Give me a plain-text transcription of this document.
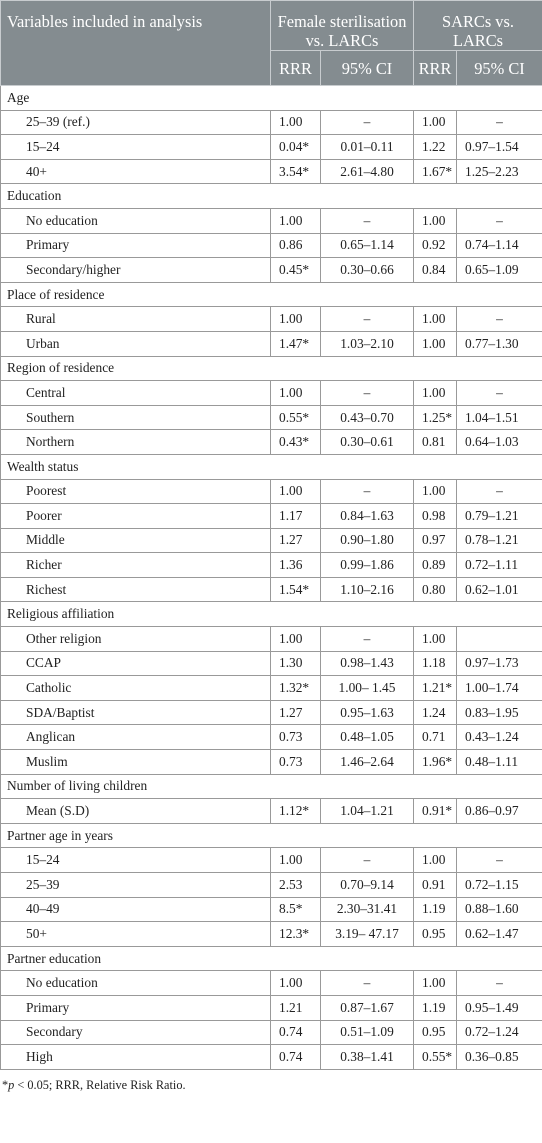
Variables included in analysis	Female sterilisation vs. LARCs		SARCs vs. LARCs	
	RRR	95% CI	RRR	95% CI
Age				
25–39 (ref.)	1.00	–	1.00	–
15–24	0.04*	0.01–0.11	1.22	0.97–1.54
40+	3.54*	2.61–4.80	1.67*	1.25–2.23
Education				
No education	1.00	–	1.00	–
Primary	0.86	0.65–1.14	0.92	0.74–1.14
Secondary/higher	0.45*	0.30–0.66	0.84	0.65–1.09
Place of residence				
Rural	1.00	–	1.00	–
Urban	1.47*	1.03–2.10	1.00	0.77–1.30
Region of residence				
Central	1.00	–	1.00	–
Southern	0.55*	0.43–0.70	1.25*	1.04–1.51
Northern	0.43*	0.30–0.61	0.81	0.64–1.03
Wealth status				
Poorest	1.00	–	1.00	–
Poorer	1.17	0.84–1.63	0.98	0.79–1.21
Middle	1.27	0.90–1.80	0.97	0.78–1.21
Richer	1.36	0.99–1.86	0.89	0.72–1.11
Richest	1.54*	1.10–2.16	0.80	0.62–1.01
Religious affiliation				
Other religion	1.00	–	1.00	
CCAP	1.30	0.98–1.43	1.18	0.97–1.73
Catholic	1.32*	1.00– 1.45	1.21*	1.00–1.74
SDA/Baptist	1.27	0.95–1.63	1.24	0.83–1.95
Anglican	0.73	0.48–1.05	0.71	0.43–1.24
Muslim	0.73	1.46–2.64	1.96*	0.48–1.11
Number of living children				
Mean (S.D)	1.12*	1.04–1.21	0.91*	0.86–0.97
Partner age in years				
15–24	1.00	–	1.00	–
25–39	2.53	0.70–9.14	0.91	0.72–1.15
40–49	8.5*	2.30–31.41	1.19	0.88–1.60
50+	12.3*	3.19– 47.17	0.95	0.62–1.47
Partner education				
No education	1.00	–	1.00	–
Primary	1.21	0.87–1.67	1.19	0.95–1.49
Secondary	0.74	0.51–1.09	0.95	0.72–1.24
High	0.74	0.38–1.41	0.55*	0.36–0.85
*p < 0.05; RRR, Relative Risk Ratio.
